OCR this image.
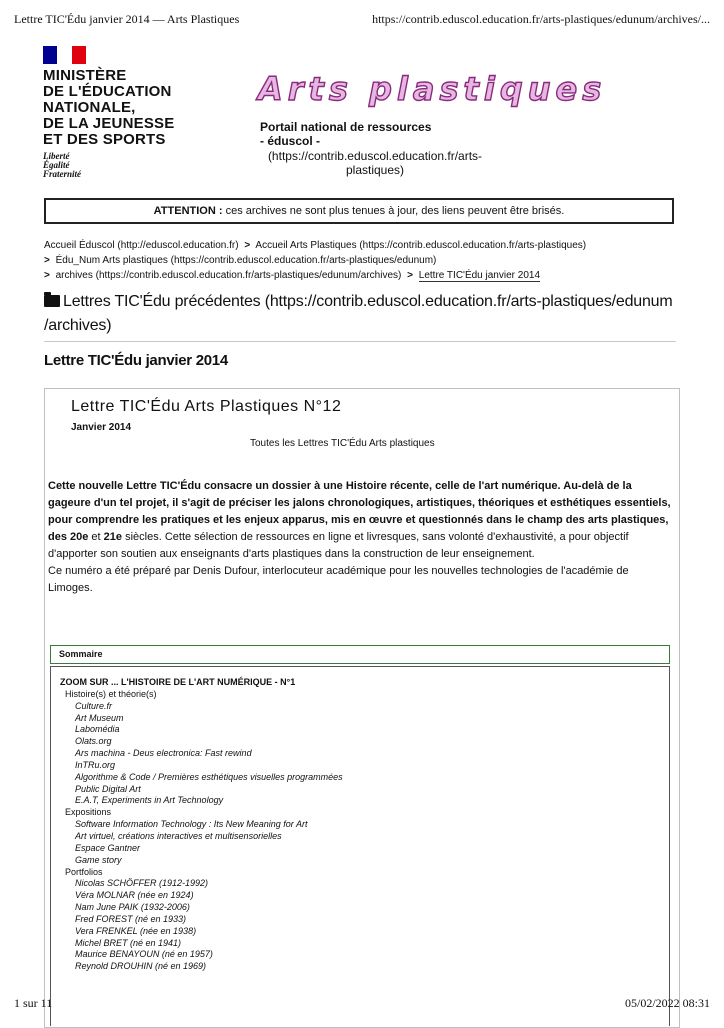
Lettre TIC'Édu janvier 2014 — Arts Plastiques	https://contrib.eduscol.education.fr/arts-plastiques/edunum/archives/...
MINISTÈRE
DE L'ÉDUCATION
NATIONALE,
DE LA JEUNESSE
ET DES SPORTS
Liberté
Égalité
Fraternité
Arts plastiques
Portail national de ressources
- éduscol -
(https://contrib.eduscol.education.fr/arts-plastiques)
ATTENTION : ces archives ne sont plus tenues à jour, des liens peuvent être brisés.
Accueil Éduscol (http://eduscol.education.fr) > Accueil Arts Plastiques (https://contrib.eduscol.education.fr/arts-plastiques)
> Édu_Num Arts plastiques (https://contrib.eduscol.education.fr/arts-plastiques/edunum)
> archives (https://contrib.eduscol.education.fr/arts-plastiques/edunum/archives) > Lettre TIC'Édu janvier 2014
Lettres TIC'Édu précédentes (https://contrib.eduscol.education.fr/arts-plastiques/edunum
/archives)
Lettre TIC'Édu janvier 2014
Lettre TIC'Édu Arts Plastiques N°12
Janvier 2014
Toutes les Lettres TIC'Édu Arts plastiques
Cette nouvelle Lettre TIC'Édu consacre un dossier à une Histoire récente, celle de l'art numérique. Au-delà de la gageure d'un tel projet, il s'agit de préciser les jalons chronologiques, artistiques, théoriques et esthétiques essentiels, pour comprendre les pratiques et les enjeux apparus, mis en œuvre et questionnés dans le champ des arts plastiques, des 20e et 21e siècles. Cette sélection de ressources en ligne et livresques, sans volonté d'exhaustivité, a pour objectif d'apporter son soutien aux enseignants d'arts plastiques dans la construction de leur enseignement.
Ce numéro a été préparé par Denis Dufour, interlocuteur académique pour les nouvelles technologies de l'académie de Limoges.
Sommaire
ZOOM SUR ... L'HISTOIRE DE L'ART NUMÉRIQUE - N°1
Histoire(s) et théorie(s)
Culture.fr
Art Museum
Labomédia
Olats.org
Ars machina - Deus electronica: Fast rewind
InTRu.org
Algorithme & Code / Premières esthétiques visuelles programmées
Public Digital Art
E.A.T, Experiments in Art Technology
Expositions
Software Information Technology : Its New Meaning for Art
Art virtuel, créations interactives et multisensorielles
Espace Gantner
Game story
Portfolios
Nicolas SCHÖFFER (1912-1992)
Véra MOLNAR (née en 1924)
Nam June PAIK (1932-2006)
Fred FOREST (né en 1933)
Vera FRENKEL (née en 1938)
Michel BRET (né en 1941)
Maurice BENAYOUN (né en 1957)
Reynold DROUHIN (né en 1969)
1 sur 11	05/02/2022 08:31
